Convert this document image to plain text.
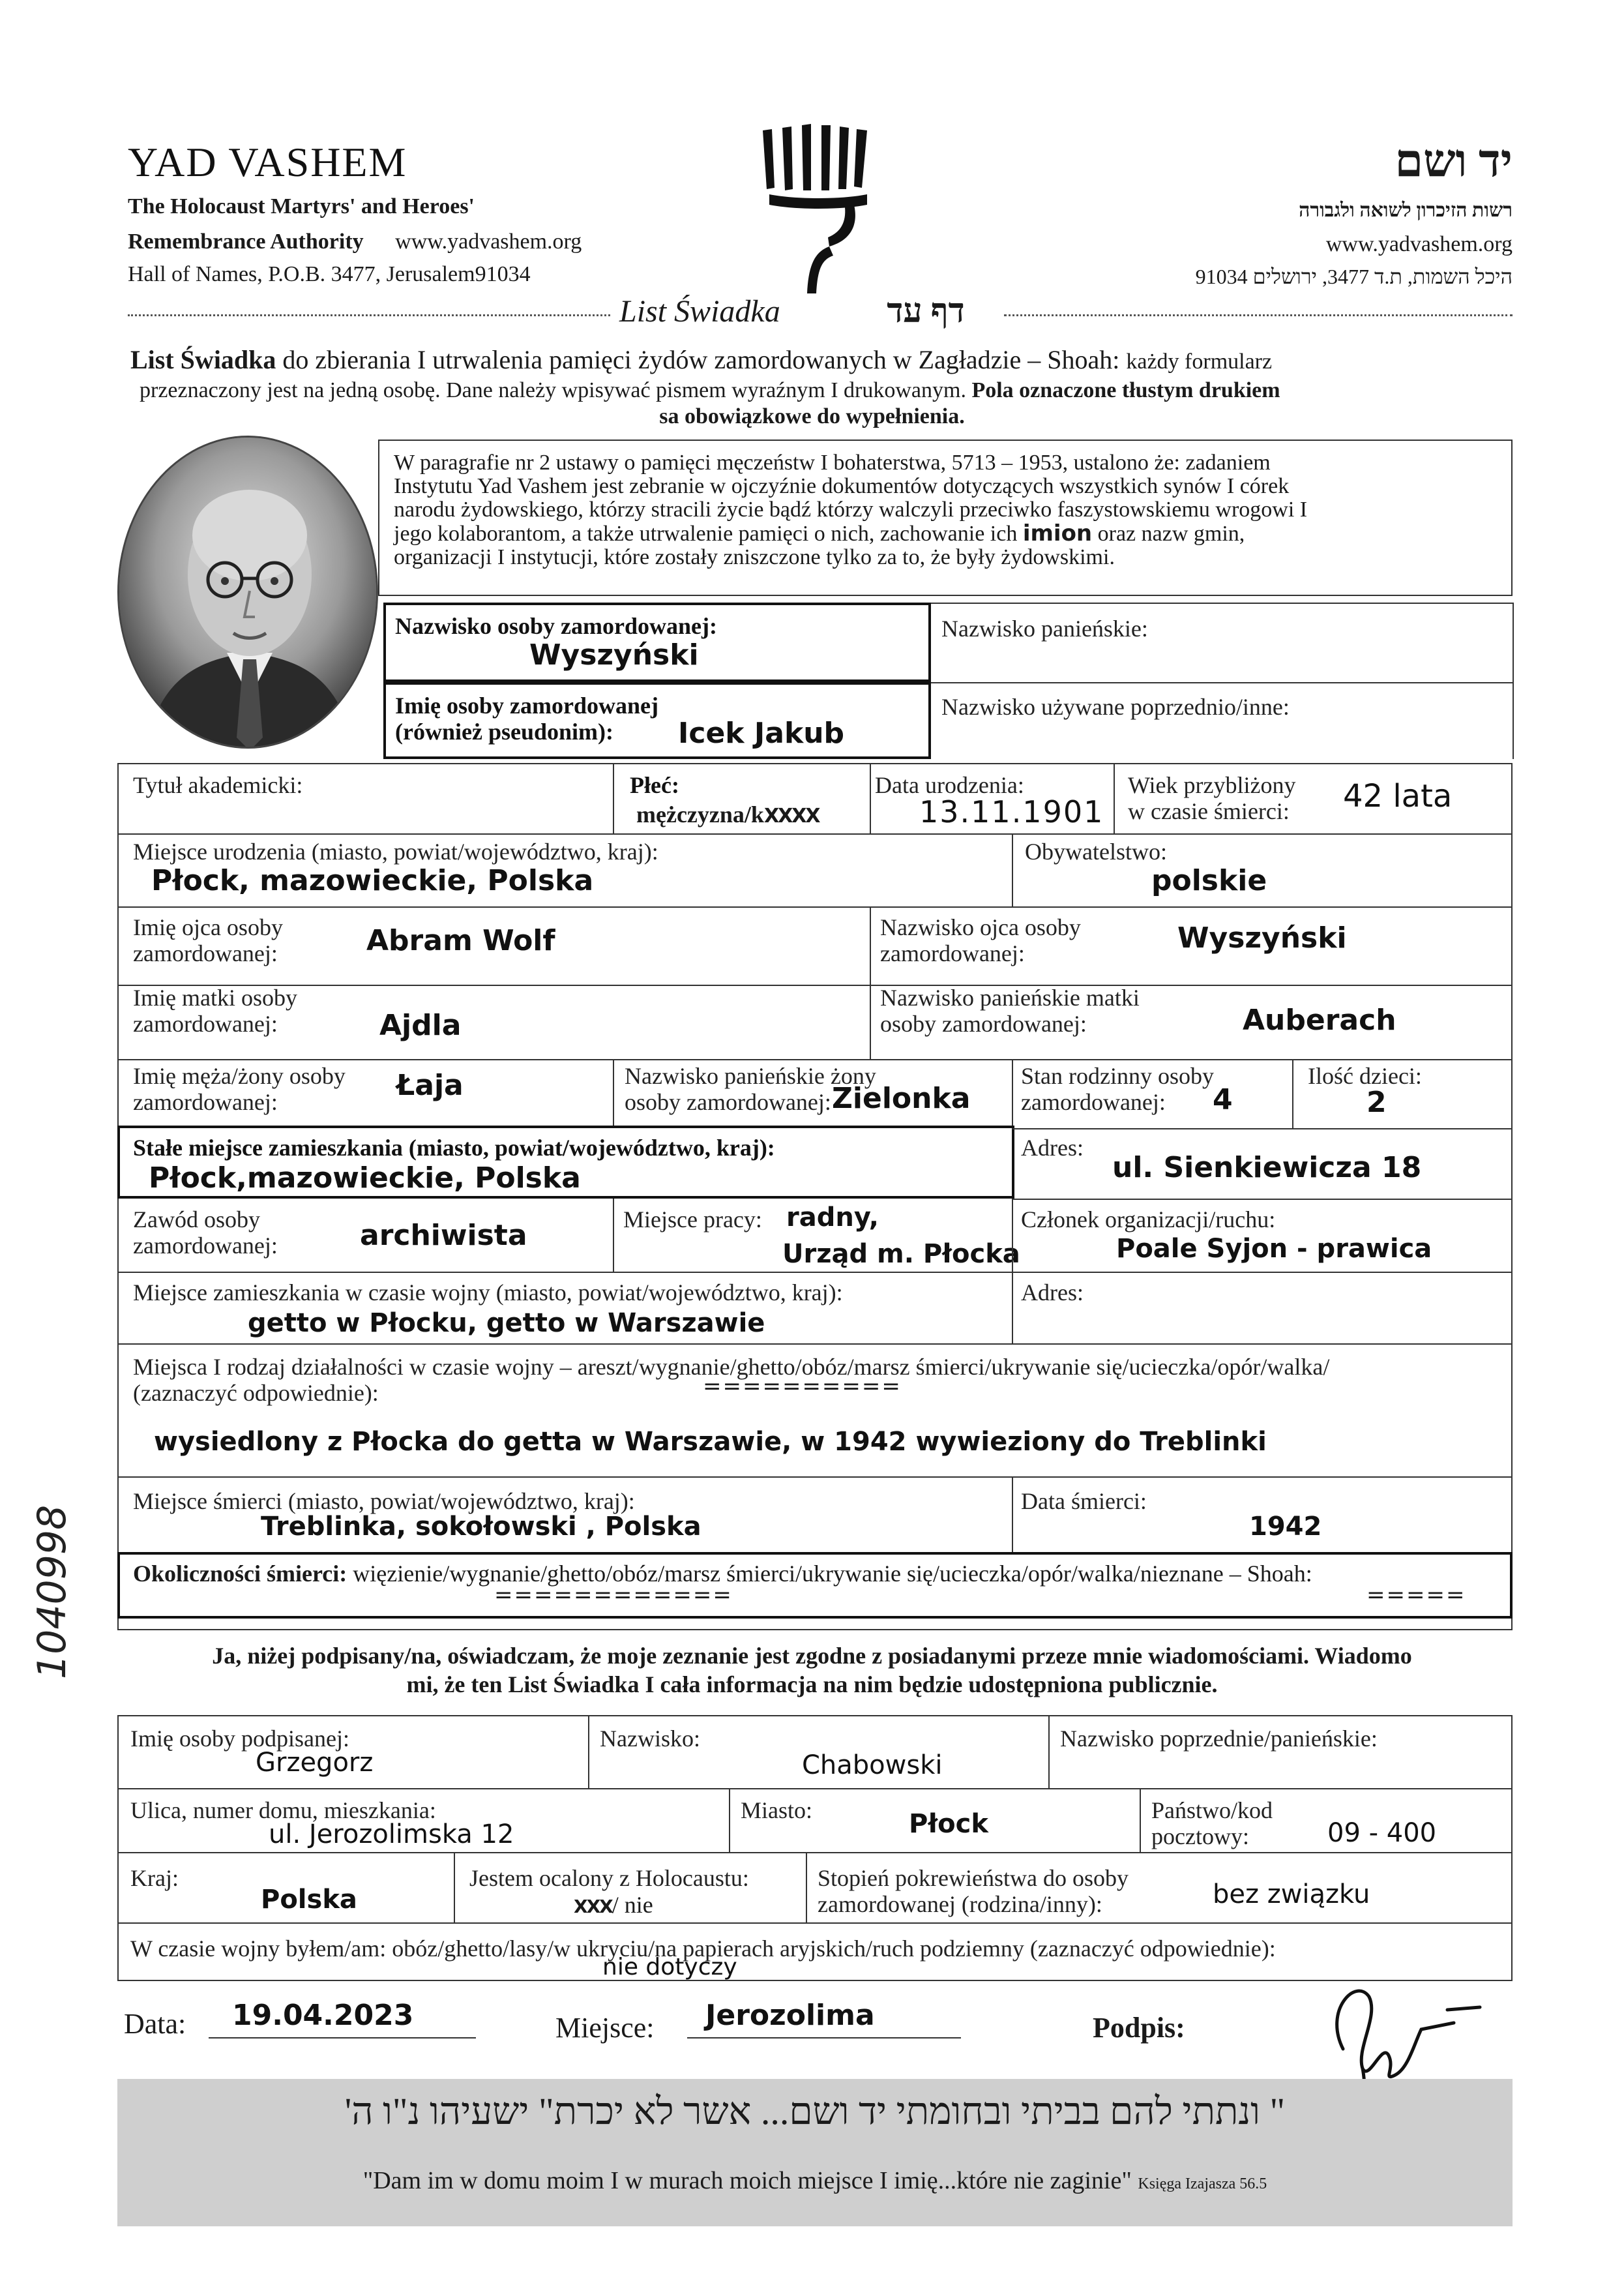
YAD VASHEM
The Holocaust Martyrs' and Heroes'
Remembrance Authority www.yadvashem.org
Hall of Names, P.O.B. 3477, Jerusalem91034
יד ושם
רשות הזיכרון לשואה ולגבורה
www.yadvashem.org
היכל השמות, ת.ד 3477, ירושלים 91034
List Świadka	דף עד
List Świadka do zbierania I utrwalenia pamięci żydów zamordowanych w Zagładzie – Shoah: każdy formularz
przeznaczony jest na jedną osobę. Dane należy wpisywać pismem wyraźnym I drukowanym. Pola oznaczone tłustym drukiem
sa obowiązkowe do wypełnienia.
W paragrafie nr 2 ustawy o pamięci męczeństw I bohaterstwa, 5713 – 1953, ustalono że: zadaniem
Instytutu Yad Vashem jest zebranie w ojczyźnie dokumentów dotyczących wszystkich synów I córek
narodu żydowskiego, którzy stracili życie bądź którzy walczyli przeciwko faszystowskiemu wrogowi I
jego kolaborantom, a także utrwalenie pamięci o nich, zachowanie ich imion oraz nazw gmin,
organizacji I instytucji, które zostały zniszczone tylko za to, że były żydowskimi.
Nazwisko osoby zamordowanej:
Wyszyński
Nazwisko panieńskie:
Imię osoby zamordowanej
(również pseudonim): Icek Jakub
Nazwisko używane poprzednio/inne:
Tytuł akademicki:	Płeć:
mężczyzna/kXXXX
Data urodzenia:
13.11.1901
Wiek przybliżony
w czasie śmierci: 42 lata
Miejsce urodzenia (miasto, powiat/województwo, kraj):
Płock, mazowieckie, Polska
Obywatelstwo:
polskie
Imię ojca osoby
zamordowanej:	Abram Wolf	Nazwisko ojca osoby
zamordowanej:	Wyszyński
Imię matki osoby
zamordowanej:	Ajdla
Nazwisko panieńskie matki
osoby zamordowanej:	Auberach
Imię męża/żony osoby
zamordowanej:	Łaja	Nazwisko panieńskie żony
osoby zamordowanej: Zielonka
Stan rodzinny osoby
zamordowanej: 4
Ilość dzieci:
2
Stałe miejsce zamieszkania (miasto, powiat/województwo, kraj):
Płock,mazowieckie, Polska
Adres:
ul. Sienkiewicza 18
Zawód osoby
zamordowanej:	archiwista	Miejsce pracy: radny,
Urząd m. Płocka
Członek organizacji/ruchu:
Poale Syjon - prawica
Miejsce zamieszkania w czasie wojny (miasto, powiat/województwo, kraj):
getto w Płocku, getto w Warszawie
Adres:
Miejsca I rodzaj działalności w czasie wojny – areszt/wygnanie/ghetto/obóz/marsz śmierci/ukrywanie się/ucieczka/opór/walka/
(zaznaczyć odpowiednie):	==========
wysiedlony z Płocka do getta w Warszawie, w 1942 wywieziony do Treblinki
Miejsce śmierci (miasto, powiat/województwo, kraj):
Treblinka, sokołowski , Polska
Data śmierci:
1942
Okoliczności śmierci: więzienie/wygnanie/ghetto/obóz/marsz śmierci/ukrywanie się/ucieczka/opór/walka/nieznane – Shoah:
============	=====
1040998	Ja, niżej podpisany/na, oświadczam, że moje zeznanie jest zgodne z posiadanymi przeze mnie wiadomościami. Wiadomo
mi, że ten List Świadka I cała informacja na nim będzie udostępniona publicznie.
Imię osoby podpisanej:
Grzegorz
Nazwisko:
Chabowski
Nazwisko poprzednie/panieńskie:
Ulica, numer domu, mieszkania:
ul. Jerozolimska 12
Miasto:	Płock	Państwo/kod
pocztowy:	09 - 400
Kraj:
Polska
Jestem ocalony z Holocaustu:
XXX/ nie
Stopień pokrewieństwa do osoby
zamordowanej (rodzina/inny):	bez związku
W czasie wojny byłem/am: obóz/ghetto/lasy/w ukryciu/na papierach aryjskich/ruch podziemny (zaznaczyć odpowiednie):
nie dotyczy
Data: 19.04.2023	Miejsce: Jerozolima	Podpis:
" ונתתי להם בביתי ובחומתי יד ושם... אשר לא יכרת" ישעיהו נ"ו ה'
"Dam im w domu moim I w murach moich miejsce I imię...które nie zaginie" Księga Izajasza 56.5
